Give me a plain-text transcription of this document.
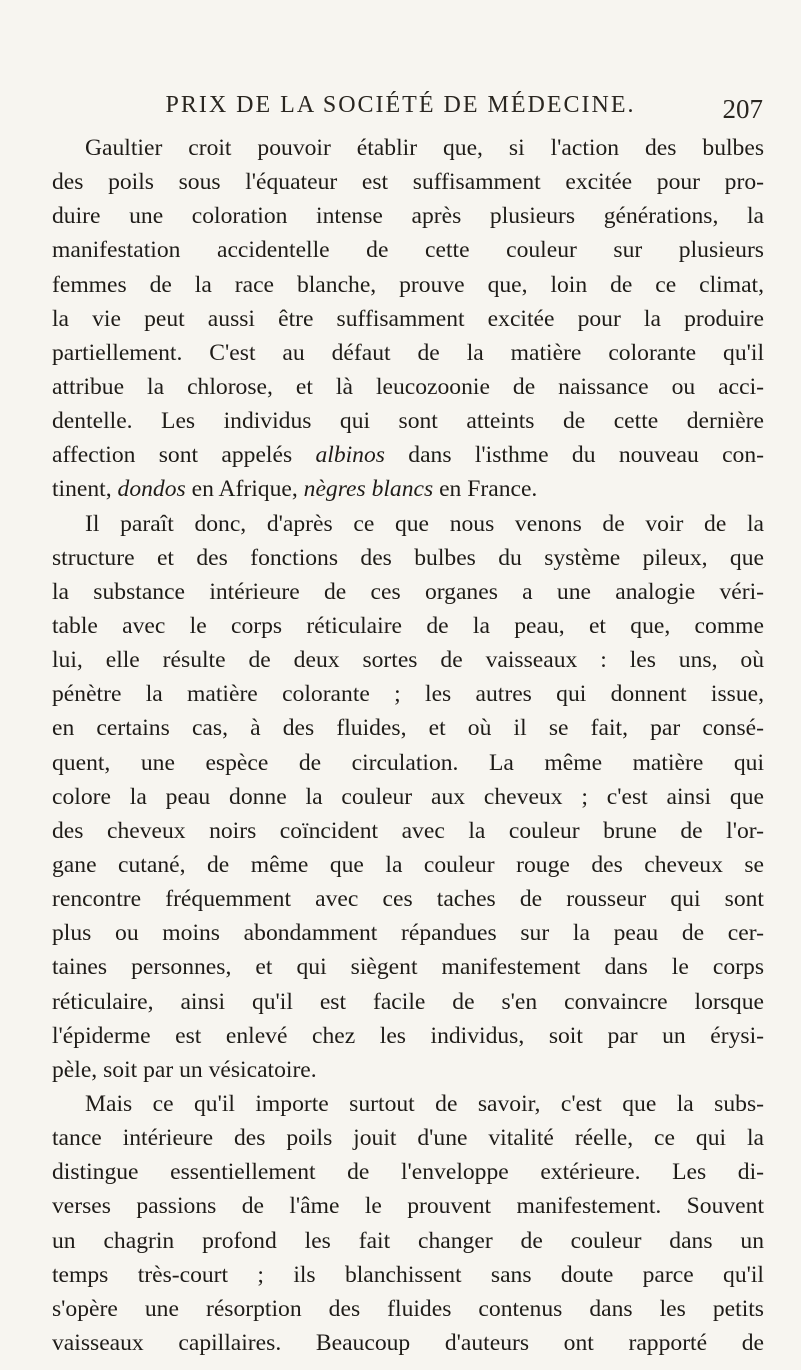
PRIX DE LA SOCIÉTÉ DE MÉDECINE.	207
Gaultier croit pouvoir établir que, si l'action des bulbes
des poils sous l'équateur est suffisamment excitée pour pro-
duire une coloration intense après plusieurs générations, la
manifestation accidentelle de cette couleur sur plusieurs
femmes de la race blanche, prouve que, loin de ce climat,
la vie peut aussi être suffisamment excitée pour la produire
partiellement. C'est au défaut de la matière colorante qu'il
attribue la chlorose, et là leucozoonie de naissance ou acci-
dentelle. Les individus qui sont atteints de cette dernière
affection sont appelés albinos dans l'isthme du nouveau con-
tinent, dondos en Afrique, nègres blancs en France.
Il paraît donc, d'après ce que nous venons de voir de la
structure et des fonctions des bulbes du système pileux, que
la substance intérieure de ces organes a une analogie véri-
table avec le corps réticulaire de la peau, et que, comme
lui, elle résulte de deux sortes de vaisseaux : les uns, où
pénètre la matière colorante ; les autres qui donnent issue,
en certains cas, à des fluides, et où il se fait, par consé-
quent, une espèce de circulation. La même matière qui
colore la peau donne la couleur aux cheveux ; c'est ainsi que
des cheveux noirs coïncident avec la couleur brune de l'or-
gane cutané, de même que la couleur rouge des cheveux se
rencontre fréquemment avec ces taches de rousseur qui sont
plus ou moins abondamment répandues sur la peau de cer-
taines personnes, et qui siègent manifestement dans le corps
réticulaire, ainsi qu'il est facile de s'en convaincre lorsque
l'épiderme est enlevé chez les individus, soit par un érysi-
pèle, soit par un vésicatoire.
Mais ce qu'il importe surtout de savoir, c'est que la subs-
tance intérieure des poils jouit d'une vitalité réelle, ce qui la
distingue essentiellement de l'enveloppe extérieure. Les di-
verses passions de l'âme le prouvent manifestement. Souvent
un chagrin profond les fait changer de couleur dans un
temps très-court ; ils blanchissent sans doute parce qu'il
s'opère une résorption des fluides contenus dans les petits
vaisseaux capillaires. Beaucoup d'auteurs ont rapporté de
